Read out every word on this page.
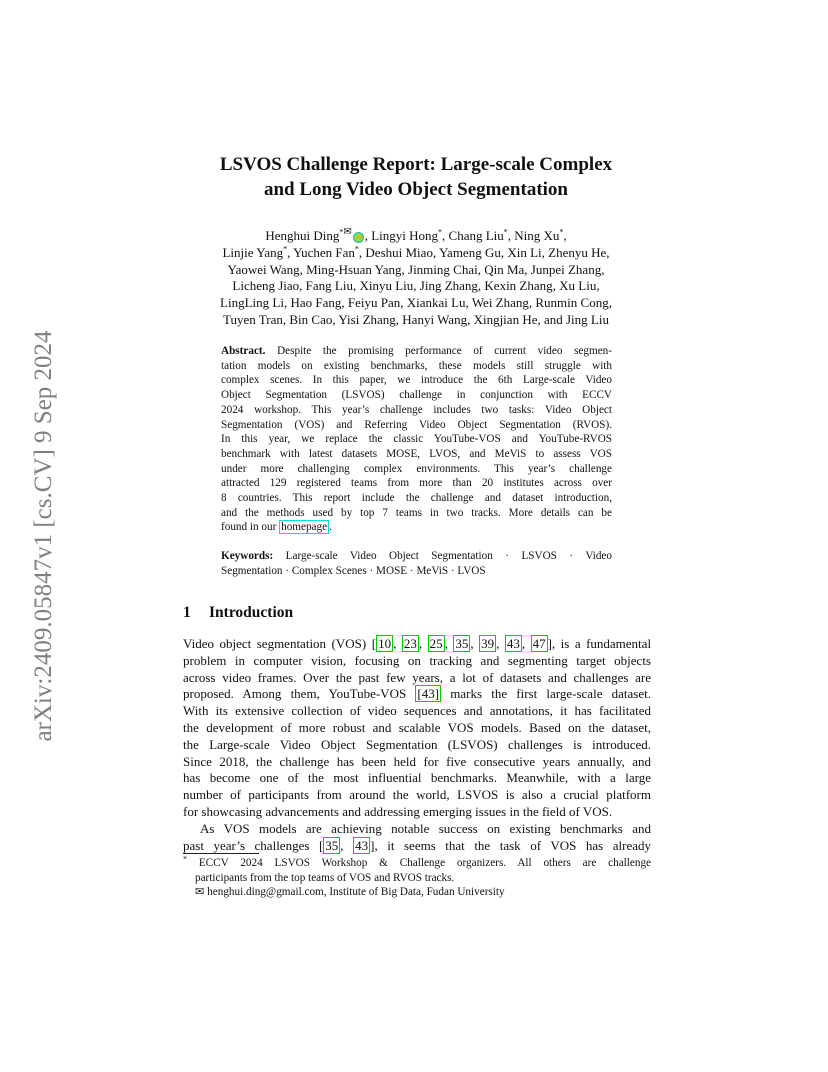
arXiv:2409.05847v1 [cs.CV] 9 Sep 2024
LSVOS Challenge Report: Large-scale Complex
and Long Video Object Segmentation
Henghui Ding*✉ , Lingyi Hong*, Chang Liu*, Ning Xu*,
Linjie Yang*, Yuchen Fan*, Deshui Miao, Yameng Gu, Xin Li, Zhenyu He,
Yaowei Wang, Ming-Hsuan Yang, Jinming Chai, Qin Ma, Junpei Zhang,
Licheng Jiao, Fang Liu, Xinyu Liu, Jing Zhang, Kexin Zhang, Xu Liu,
LingLing Li, Hao Fang, Feiyu Pan, Xiankai Lu, Wei Zhang, Runmin Cong,
Tuyen Tran, Bin Cao, Yisi Zhang, Hanyi Wang, Xingjian He, and Jing Liu
Abstract. Despite the promising performance of current video segmen-
tation models on existing benchmarks, these models still struggle with
complex scenes. In this paper, we introduce the 6th Large-scale Video
Object Segmentation (LSVOS) challenge in conjunction with ECCV
2024 workshop. This year’s challenge includes two tasks: Video Object
Segmentation (VOS) and Referring Video Object Segmentation (RVOS).
In this year, we replace the classic YouTube-VOS and YouTube-RVOS
benchmark with latest datasets MOSE, LVOS, and MeViS to assess VOS
under more challenging complex environments. This year’s challenge
attracted 129 registered teams from more than 20 institutes across over
8 countries. This report include the challenge and dataset introduction,
and the methods used by top 7 teams in two tracks. More details can be
found in our homepage .
Keywords: Large-scale Video Object Segmentation · LSVOS · Video
Segmentation · Complex Scenes · MOSE · MeViS · LVOS
1 Introduction
Video object segmentation (VOS) [ 10 , 23 , 25 , 35 , 39 , 43 , 47 ], is a fundamental
problem in computer vision, focusing on tracking and segmenting target objects
across video frames. Over the past few years, a lot of datasets and challenges are
proposed. Among them, YouTube-VOS [43] marks the first large-scale dataset.
With its extensive collection of video sequences and annotations, it has facilitated
the development of more robust and scalable VOS models. Based on the dataset,
the Large-scale Video Object Segmentation (LSVOS) challenges is introduced.
Since 2018, the challenge has been held for five consecutive years annually, and
has become one of the most influential benchmarks. Meanwhile, with a large
number of participants from around the world, LSVOS is also a crucial platform
for showcasing advancements and addressing emerging issues in the field of VOS.
As VOS models are achieving notable success on existing benchmarks and
past year’s challenges [ 35 , 43 ], it seems that the task of VOS has already
* ECCV 2024 LSVOS Workshop & Challenge organizers. All others are challenge
participants from the top teams of VOS and RVOS tracks.
✉ henghui.ding@gmail.com, Institute of Big Data, Fudan University
